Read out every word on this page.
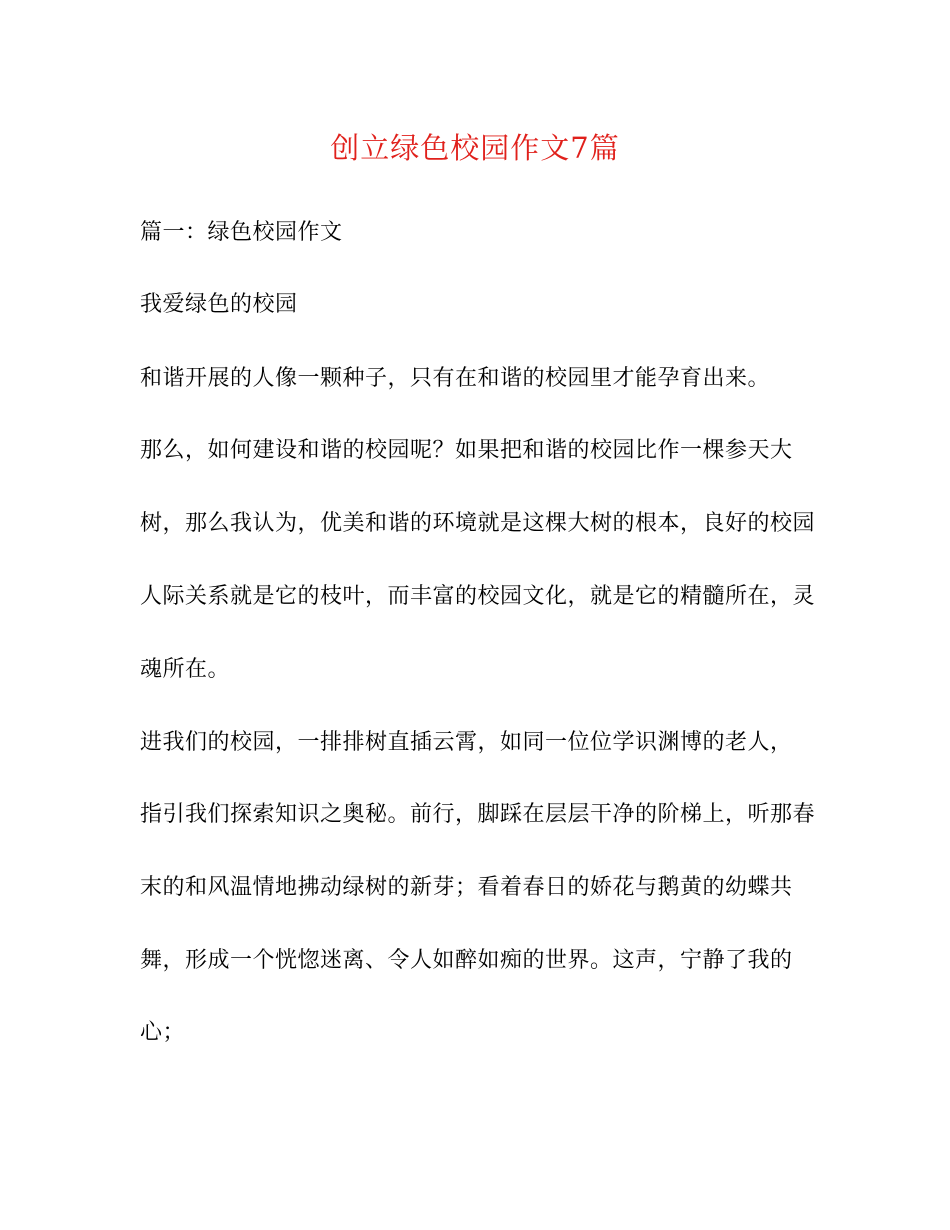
创立绿色校园作文7篇
篇一：绿色校园作文
我爱绿色的校园
和谐开展的人像一颗种子，只有在和谐的校园里才能孕育出来。
那么，如何建设和谐的校园呢？如果把和谐的校园比作一棵参天大
树，那么我认为，优美和谐的环境就是这棵大树的根本，良好的校园
人际关系就是它的枝叶，而丰富的校园文化，就是它的精髓所在，灵
魂所在。
进我们的校园，一排排树直插云霄，如同一位位学识渊博的老人，
指引我们探索知识之奥秘。前行，脚踩在层层干净的阶梯上，听那春
末的和风温情地拂动绿树的新芽；看着春日的娇花与鹅黄的幼蝶共
舞，形成一个恍惚迷离、令人如醉如痴的世界。这声，宁静了我的
心；
